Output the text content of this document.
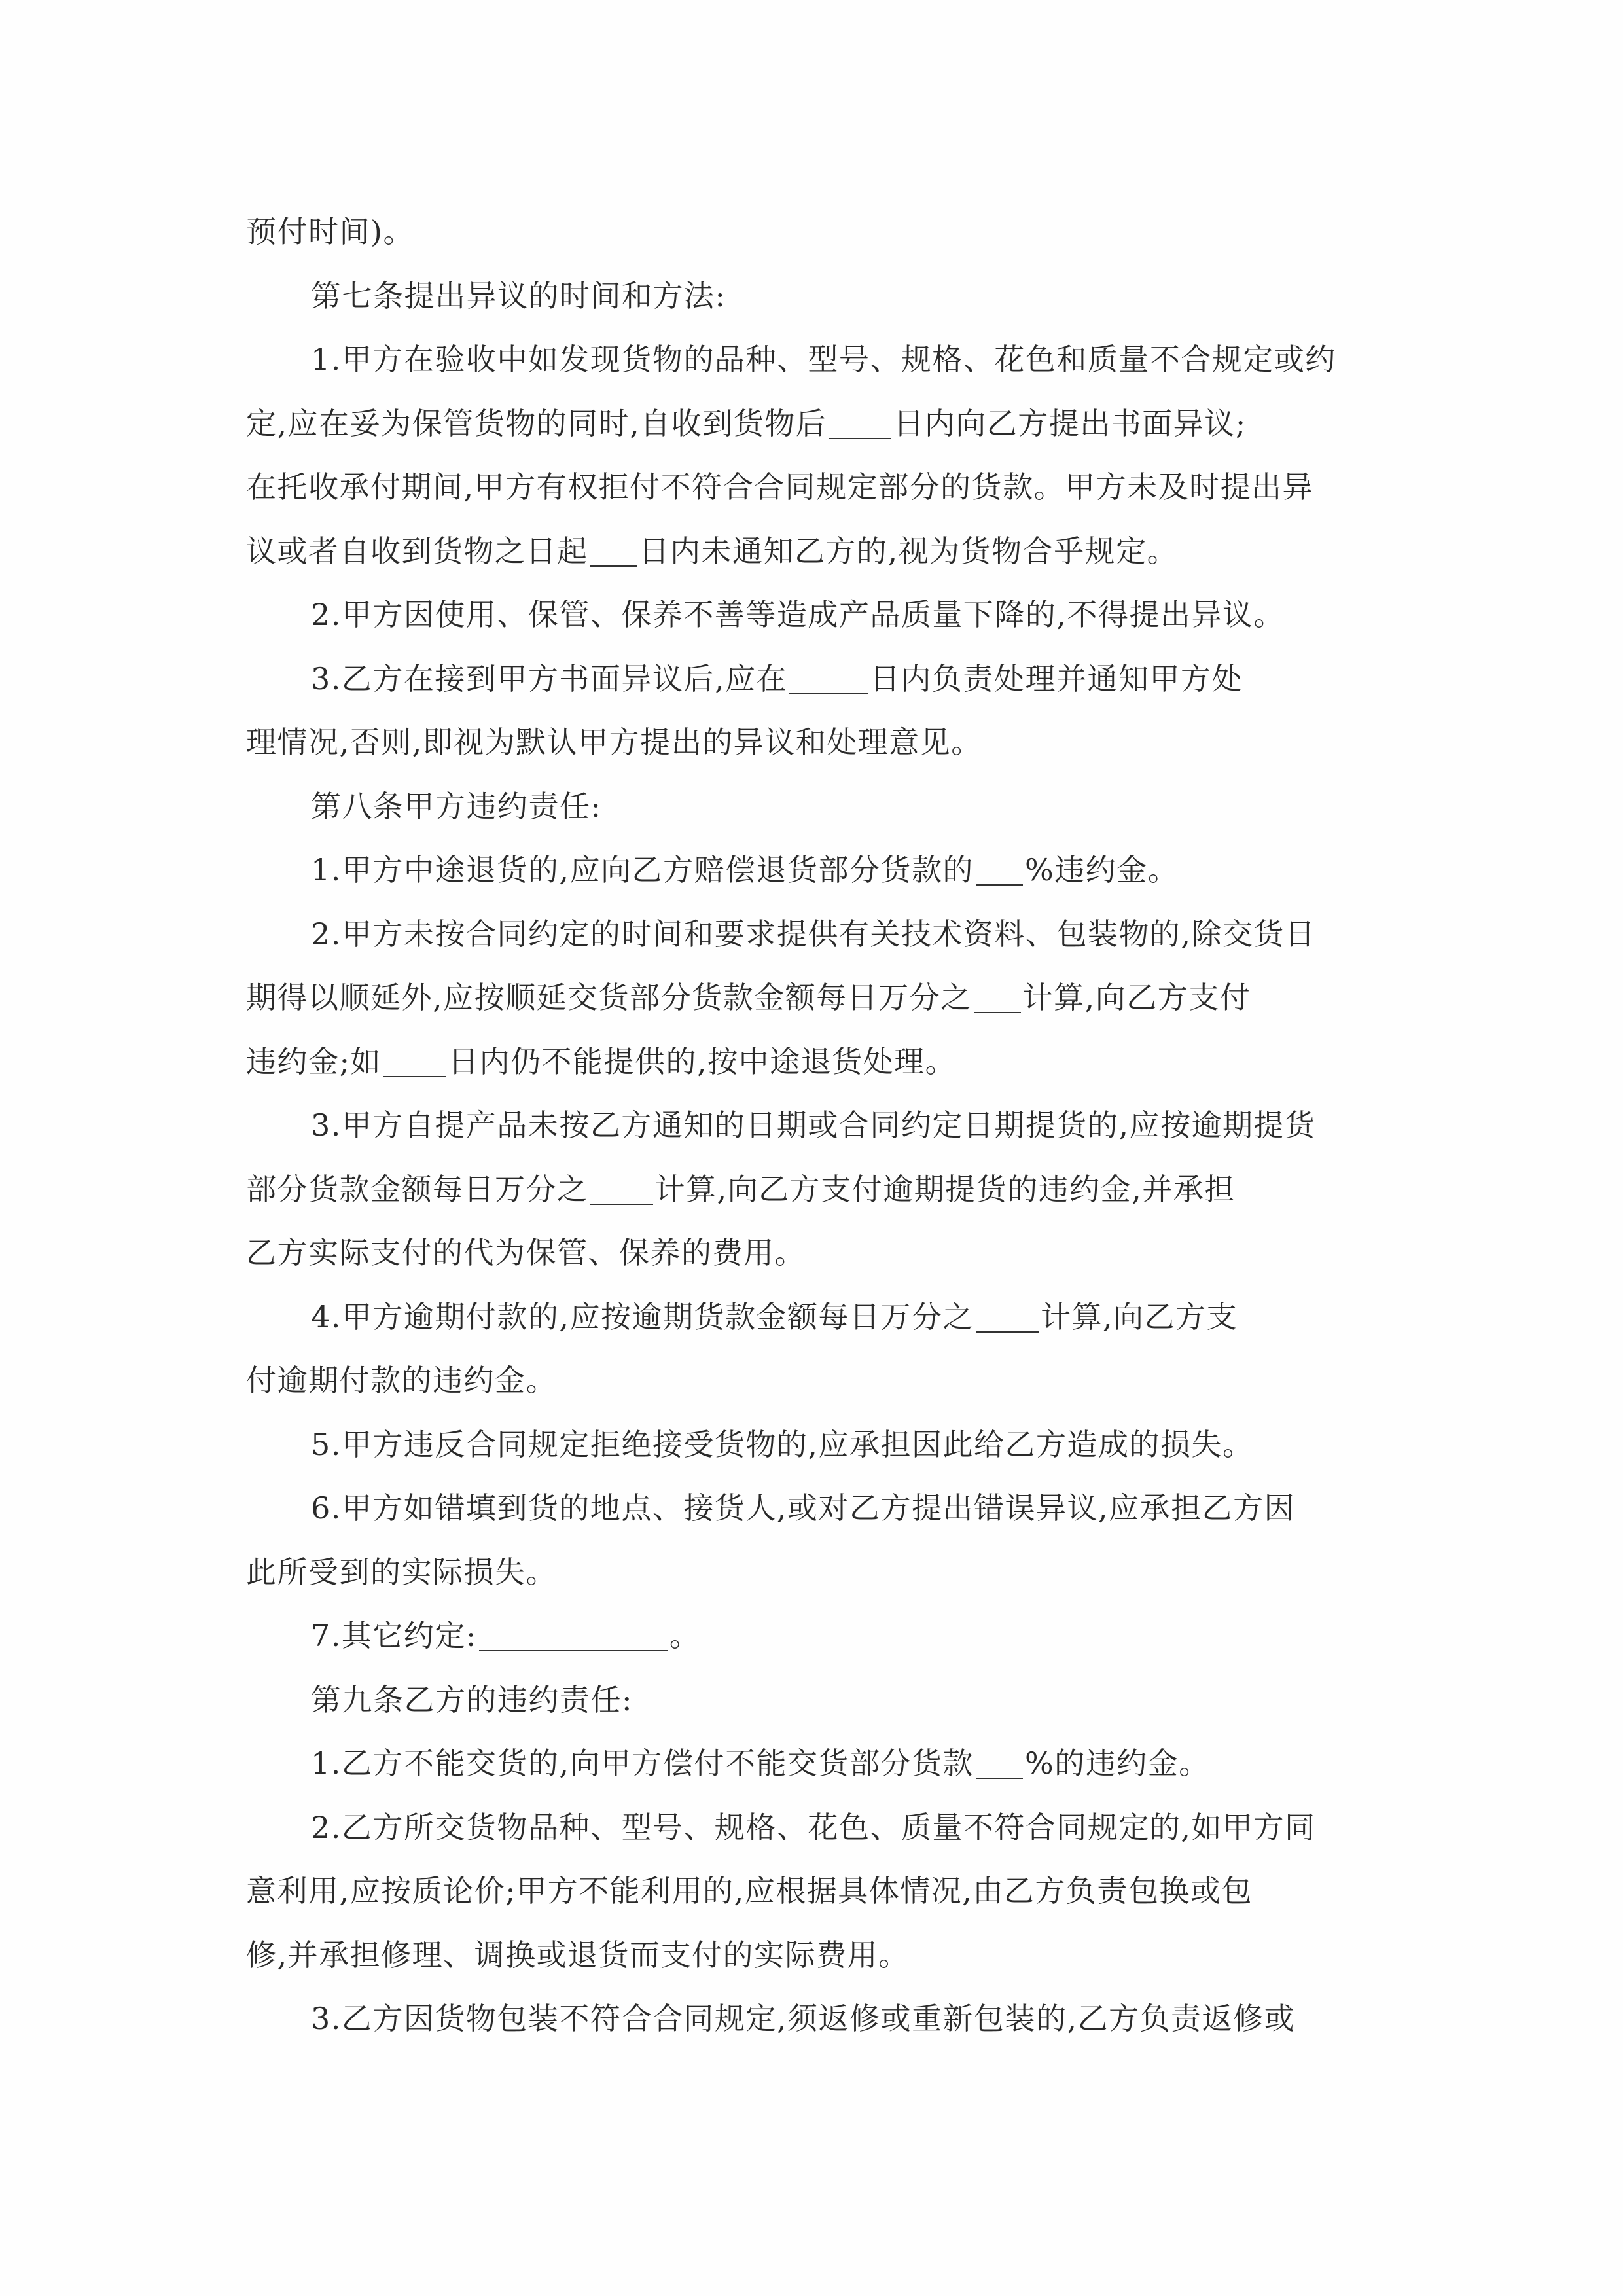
预付时间)。
第七条提出异议的时间和方法:
1.甲方在验收中如发现货物的品种、型号、规格、花色和质量不合规定或约
定,应在妥为保管货物的同时,自收到货物后 日内向乙方提出书面异议;
在托收承付期间,甲方有权拒付不符合合同规定部分的货款。甲方未及时提出异
议或者自收到货物之日起 日内未通知乙方的,视为货物合乎规定。
2.甲方因使用、保管、保养不善等造成产品质量下降的,不得提出异议。
3.乙方在接到甲方书面异议后,应在	日内负责处理并通知甲方处
理情况,否则,即视为默认甲方提出的异议和处理意见。
第八条甲方违约责任:
1.甲方中途退货的,应向乙方赔偿退货部分货款的 %违约金。
2.甲方未按合同约定的时间和要求提供有关技术资料、包装物的,除交货日
期得以顺延外,应按顺延交货部分货款金额每日万分之 计算,向乙方支付
违约金;如 日内仍不能提供的,按中途退货处理。
3.甲方自提产品未按乙方通知的日期或合同约定日期提货的,应按逾期提货
部分货款金额每日万分之 计算,向乙方支付逾期提货的违约金,并承担
乙方实际支付的代为保管、保养的费用。
4.甲方逾期付款的,应按逾期货款金额每日万分之 计算,向乙方支
付逾期付款的违约金。
5.甲方违反合同规定拒绝接受货物的,应承担因此给乙方造成的损失。
6.甲方如错填到货的地点、接货人,或对乙方提出错误异议,应承担乙方因
此所受到的实际损失。
7.其它约定:	。
第九条乙方的违约责任:
1.乙方不能交货的,向甲方偿付不能交货部分货款 %的违约金。
2.乙方所交货物品种、型号、规格、花色、质量不符合同规定的,如甲方同
意利用,应按质论价;甲方不能利用的,应根据具体情况,由乙方负责包换或包
修,并承担修理、调换或退货而支付的实际费用。
3.乙方因货物包装不符合合同规定,须返修或重新包装的,乙方负责返修或
